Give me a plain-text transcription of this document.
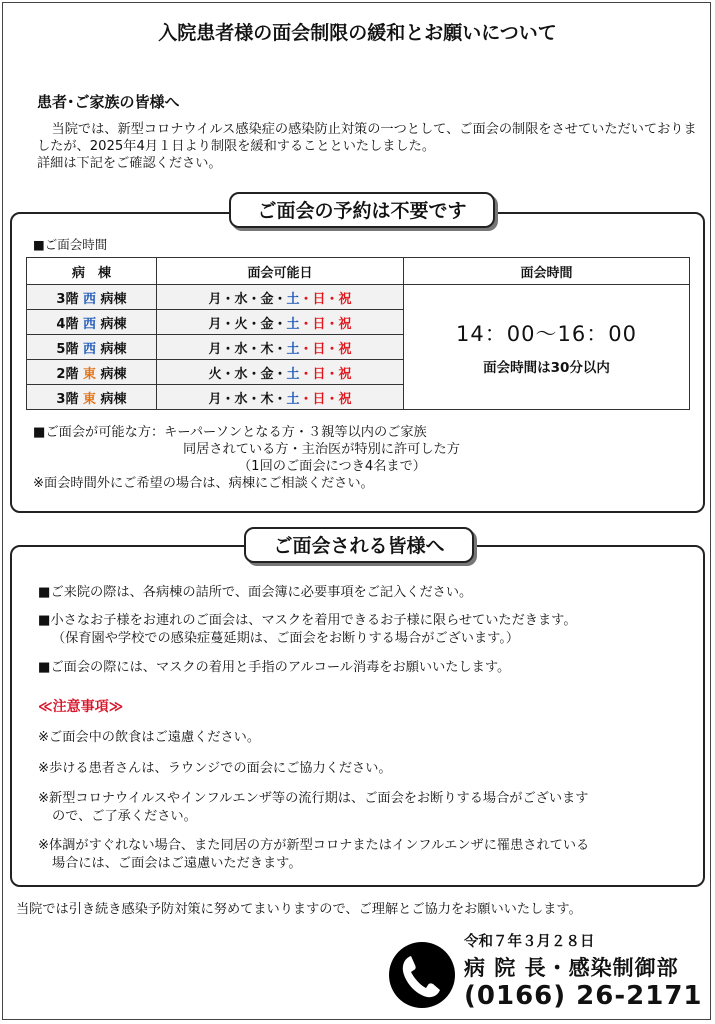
入院患者様の面会制限の緩和とお願いについて
患者･ご家族の皆様へ
当院では、新型コロナウイルス感染症の感染防止対策の一つとして、ご面会の制限をさせていただいておりましたが、2025年4月１日より制限を緩和することといたしました。
詳細は下記をご確認ください。
ご面会の予約は不要です
■ご面会時間
病　棟	面会可能日	面会時間
3階 西 病棟	月・水・金・土・日・祝	14：00～16：00
面会時間は30分以内

4階 西 病棟	月・火・金・土・日・祝	
5階 西 病棟	月・水・木・土・日・祝	
2階 東 病棟	火・水・金・土・日・祝	
3階 東 病棟	月・水・木・土・日・祝	
■ご面会が可能な方：キーパーソンとなる方・３親等以内のご家族
同居されている方・主治医が特別に許可した方
（1回のご面会につき4名まで）
※面会時間外にご希望の場合は、病棟にご相談ください。
ご面会される皆様へ
■ご来院の際は、各病棟の詰所で、面会簿に必要事項をご記入ください。
■小さなお子様をお連れのご面会は、マスクを着用できるお子様に限らせていただきます。
（保育園や学校での感染症蔓延期は、ご面会をお断りする場合がございます。）
■ご面会の際には、マスクの着用と手指のアルコール消毒をお願いいたします。
≪注意事項≫
※ご面会中の飲食はご遠慮ください。
※歩ける患者さんは、ラウンジでの面会にご協力ください。
※新型コロナウイルスやインフルエンザ等の流行期は、ご面会をお断りする場合がございます
ので、ご了承ください。
※体調がすぐれない場合、また同居の方が新型コロナまたはインフルエンザに罹患されている
場合には、ご面会はご遠慮いただきます。
当院では引き続き感染予防対策に努めてまいりますので、ご理解とご協力をお願いいたします。
令和７年３月２８日
病 院 長・感染制御部
(0166) 26-2171
